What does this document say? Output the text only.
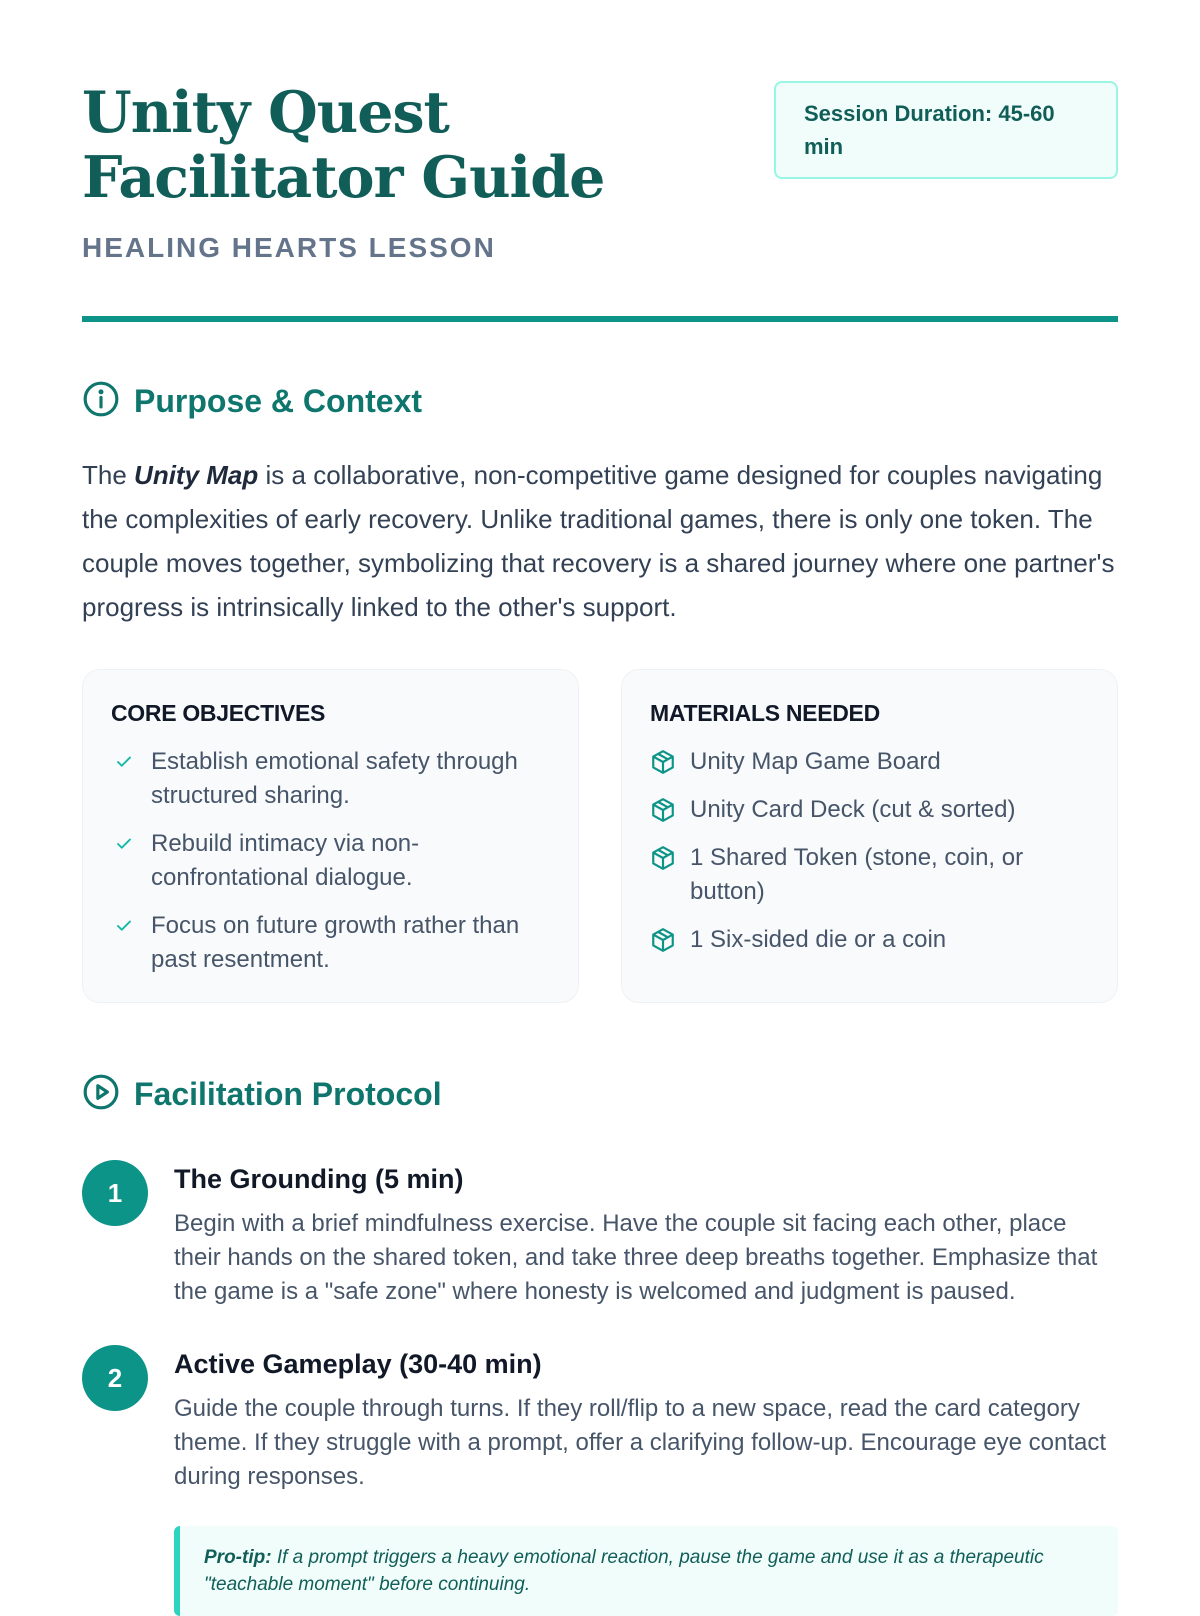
Unity Quest Facilitator Guide
HEALING HEARTS LESSON
Session Duration: 45-60 min
Purpose & Context

The Unity Map is a collaborative, non-competitive game designed for couples navigating the complexities of early recovery. Unlike traditional games, there is only one token. The couple moves together, symbolizing that recovery is a shared journey where one partner's progress is intrinsically linked to the other's support.

CORE OBJECTIVES
Establish emotional safety through structured sharing.
Rebuild intimacy via non-confrontational dialogue.
Focus on future growth rather than past resentment.
MATERIALS NEEDED
Unity Map Game Board
Unity Card Deck (cut & sorted)
1 Shared Token (stone, coin, or button)
1 Six-sided die or a coin
Facilitation Protocol
1	The Grounding (5 min)
Begin with a brief mindfulness exercise. Have the couple sit facing each other, place their hands on the shared token, and take three deep breaths together. Emphasize that the game is a "safe zone" where honesty is welcomed and judgment is paused.
2	Active Gameplay (30-40 min)
Guide the couple through turns. If they roll/flip to a new space, read the card category theme. If they struggle with a prompt, offer a clarifying follow-up. Encourage eye contact during responses.
Pro-tip: If a prompt triggers a heavy emotional reaction, pause the game and use it as a therapeutic "teachable moment" before continuing.
